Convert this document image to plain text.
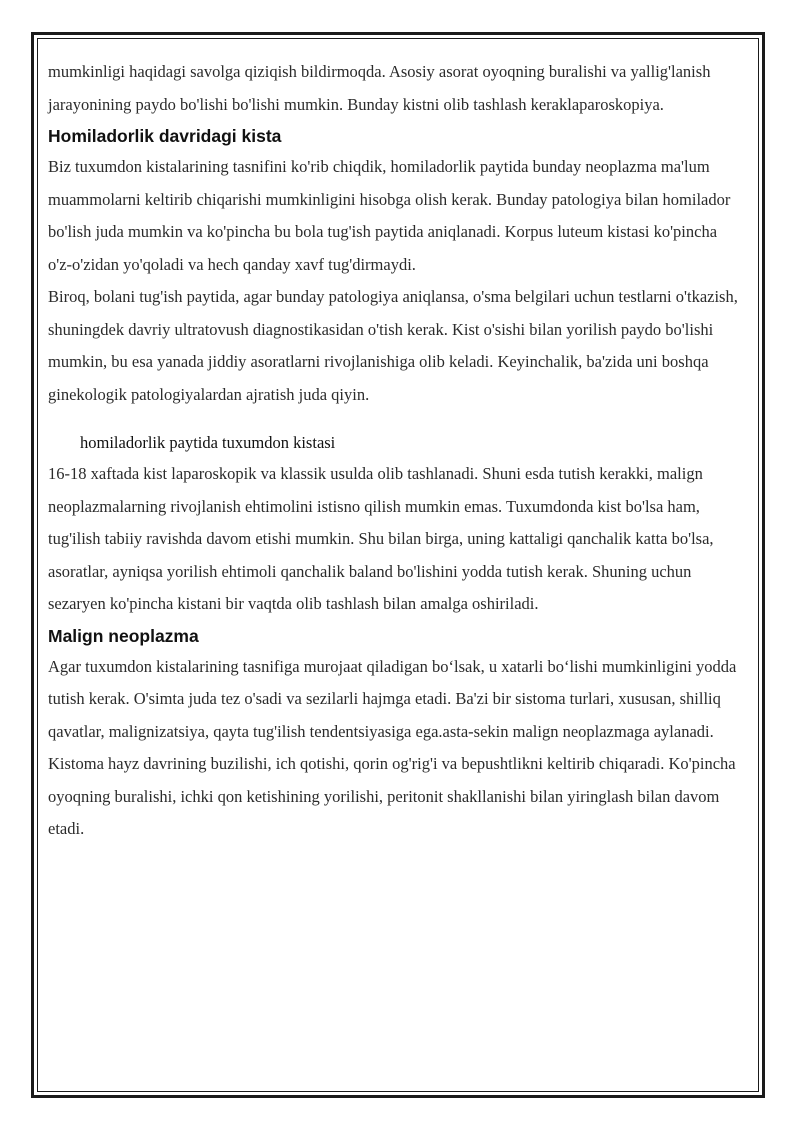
mumkinligi haqidagi savolga qiziqish bildirmoqda. Asosiy asorat oyoqning buralishi va yallig'lanish jarayonining paydo bo'lishi bo'lishi mumkin. Bunday kistni olib tashlash keraklaparoskopiya.

Homiladorlik davridagi kista

Biz tuxumdon kistalarining tasnifini ko'rib chiqdik, homiladorlik paytida bunday neoplazma ma'lum muammolarni keltirib chiqarishi mumkinligini hisobga olish kerak. Bunday patologiya bilan homilador bo'lish juda mumkin va ko'pincha bu bola tug'ish paytida aniqlanadi. Korpus luteum kistasi ko'pincha o'z-o'zidan yo'qoladi va hech qanday xavf tug'dirmaydi.

Biroq, bolani tug'ish paytida, agar bunday patologiya aniqlansa, o'sma belgilari uchun testlarni o'tkazish, shuningdek davriy ultratovush diagnostikasidan o'tish kerak. Kist o'sishi bilan yorilish paydo bo'lishi mumkin, bu esa yanada jiddiy asoratlarni rivojlanishiga olib keladi. Keyinchalik, ba'zida uni boshqa ginekologik patologiyalardan ajratish juda qiyin.

homiladorlik paytida tuxumdon kistasi

16-18 xaftada kist laparoskopik va klassik usulda olib tashlanadi. Shuni esda tutish kerakki, malign neoplazmalarning rivojlanish ehtimolini istisno qilish mumkin emas. Tuxumdonda kist bo'lsa ham, tug'ilish tabiiy ravishda davom etishi mumkin. Shu bilan birga, uning kattaligi qanchalik katta bo'lsa, asoratlar, ayniqsa yorilish ehtimoli qanchalik baland bo'lishini yodda tutish kerak. Shuning uchun sezaryen ko'pincha kistani bir vaqtda olib tashlash bilan amalga oshiriladi.

Malign neoplazma

Agar tuxumdon kistalarining tasnifiga murojaat qiladigan bo‘lsak, u xatarli bo‘lishi mumkinligini yodda tutish kerak. O'simta juda tez o'sadi va sezilarli hajmga etadi. Ba'zi bir sistoma turlari, xususan, shilliq qavatlar, malignizatsiya, qayta tug'ilish tendentsiyasiga ega.asta-sekin malign neoplazmaga aylanadi.

Kistoma hayz davrining buzilishi, ich qotishi, qorin og'rig'i va bepushtlikni keltirib chiqaradi. Ko'pincha oyoqning buralishi, ichki qon ketishining yorilishi, peritonit shakllanishi bilan yiringlash bilan davom etadi.
